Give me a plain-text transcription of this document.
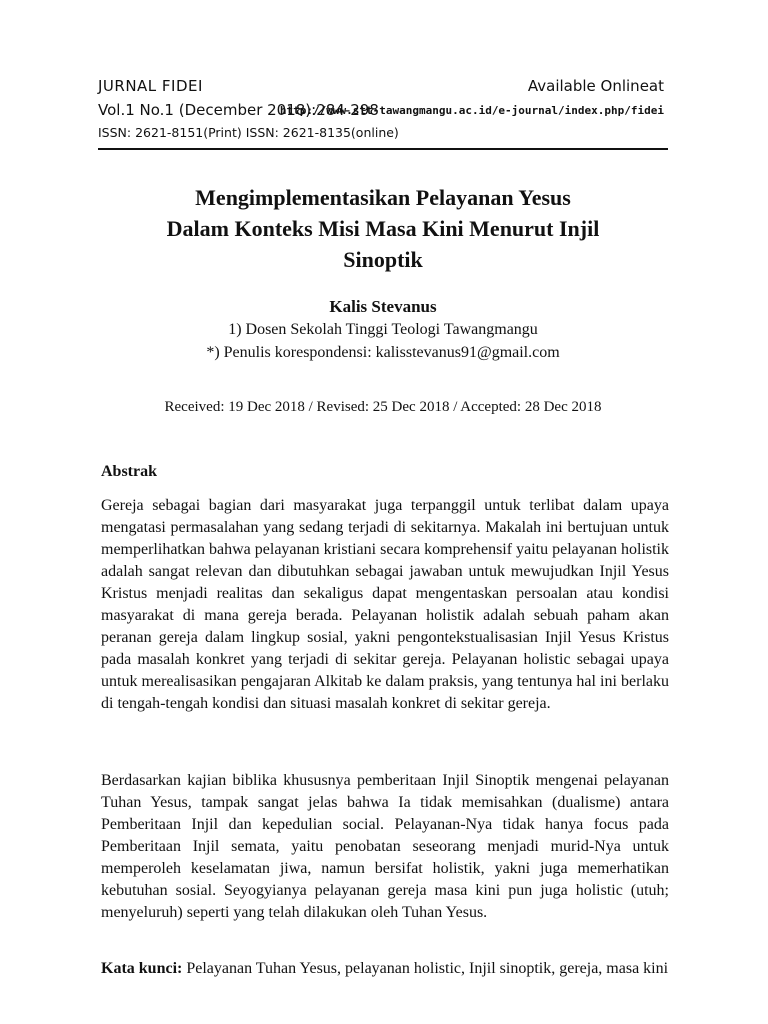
JURNAL FIDEI
Vol.1 No.1 (December 2018):284-298
ISSN: 2621-8151(Print) ISSN: 2621-8135(online)
Available Onlineat
http://www.stt-tawangmangu.ac.id/e-journal/index.php/fidei
Mengimplementasikan Pelayanan Yesus
Dalam Konteks Misi Masa Kini Menurut Injil
Sinoptik
Kalis Stevanus
1) Dosen Sekolah Tinggi Teologi Tawangmangu
*) Penulis korespondensi: kalisstevanus91@gmail.com
Received: 19 Dec 2018 / Revised: 25 Dec 2018 / Accepted: 28 Dec 2018
Abstrak
Gereja sebagai bagian dari masyarakat juga terpanggil untuk terlibat dalam upaya mengatasi permasalahan yang sedang terjadi di sekitarnya. Makalah ini bertujuan untuk memperlihatkan bahwa pelayanan kristiani secara komprehensif yaitu pelayanan holistik adalah sangat relevan dan dibutuhkan sebagai jawaban untuk mewujudkan Injil Yesus Kristus menjadi realitas dan sekaligus dapat mengentaskan persoalan atau kondisi masyarakat di mana gereja berada. Pelayanan holistik adalah sebuah paham akan peranan gereja dalam lingkup sosial, yakni pengontekstualisasian Injil Yesus Kristus pada masalah konkret yang terjadi di sekitar gereja. Pelayanan holistic sebagai upaya untuk merealisasikan pengajaran Alkitab ke dalam praksis, yang tentunya hal ini berlaku di tengah-tengah kondisi dan situasi masalah konkret di sekitar gereja.
Berdasarkan kajian biblika khususnya pemberitaan Injil Sinoptik mengenai pelayanan Tuhan Yesus, tampak sangat jelas bahwa Ia tidak memisahkan (dualisme) antara Pemberitaan Injil dan kepedulian social. Pelayanan-Nya tidak hanya focus pada Pemberitaan Injil semata, yaitu penobatan seseorang menjadi murid-Nya untuk memperoleh keselamatan jiwa, namun bersifat holistik, yakni juga memerhatikan kebutuhan sosial. Seyogyianya pelayanan gereja masa kini pun juga holistic (utuh; menyeluruh) seperti yang telah dilakukan oleh Tuhan Yesus.
Kata kunci: Pelayanan Tuhan Yesus, pelayanan holistic, Injil sinoptik, gereja, masa kini
